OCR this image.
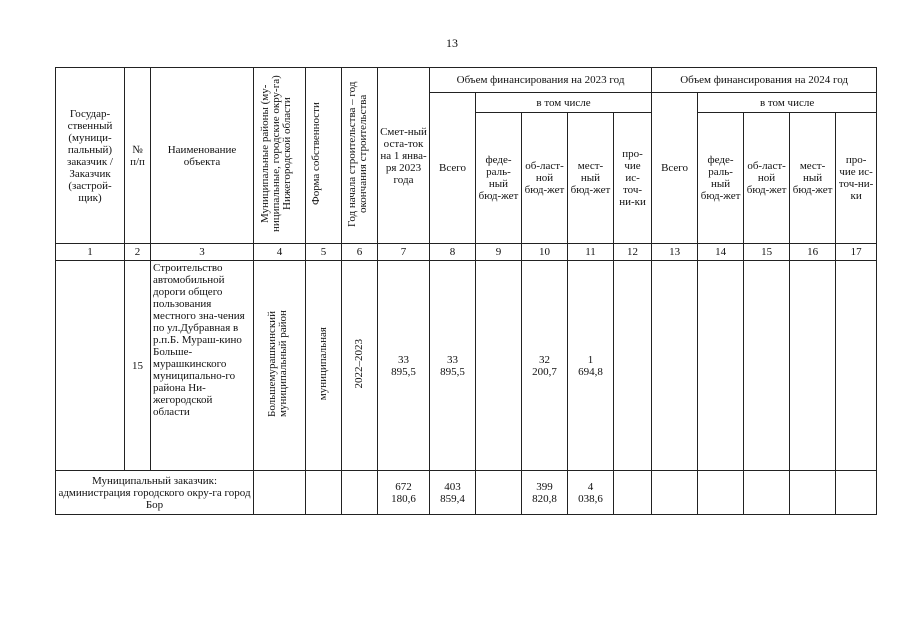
13
Государ-ственный (муници-пальный) заказчик / Заказчик (застрой-щик)	№ п/п	Наименование объекта	Муниципальные районы (му-ниципальные, городские окру-га) Нижегородской области	Форма собственности	Год начала строительства – год окончания строительства	Смет-ный оста-ток на 1 янва-ря 2023 года	Объем финансирования на 2023 год					Объем финансирования на 2024 год				
							Всего	в том числе				Всего	в том числе			
								феде-раль-ный бюд-жет	об-ласт-ной бюд-жет	мест-ный бюд-жет	про-чие ис-точ-ни-ки		феде-раль-ный бюд-жет	об-ласт-ной бюд-жет	мест-ный бюд-жет	про-чие ис-точ-ни-ки
1	2	3	4	5	6	7	8	9	10	11	12	13	14	15	16	17
	15	Строительство автомобильной дороги общего пользования местного зна-чения по ул.Дубравная в р.п.Б. Мураш-кино Больше-мурашкинского муниципально-го района Ни-жегородской области	Большемурашкинский муниципальный район	муниципальная	2022–2023	33 895,5	33 895,5		32 200,7	1 694,8						
Муниципальный заказчик: администрация городского окру-га город Бор						672 180,6	403 859,4		399 820,8	4 038,6						
